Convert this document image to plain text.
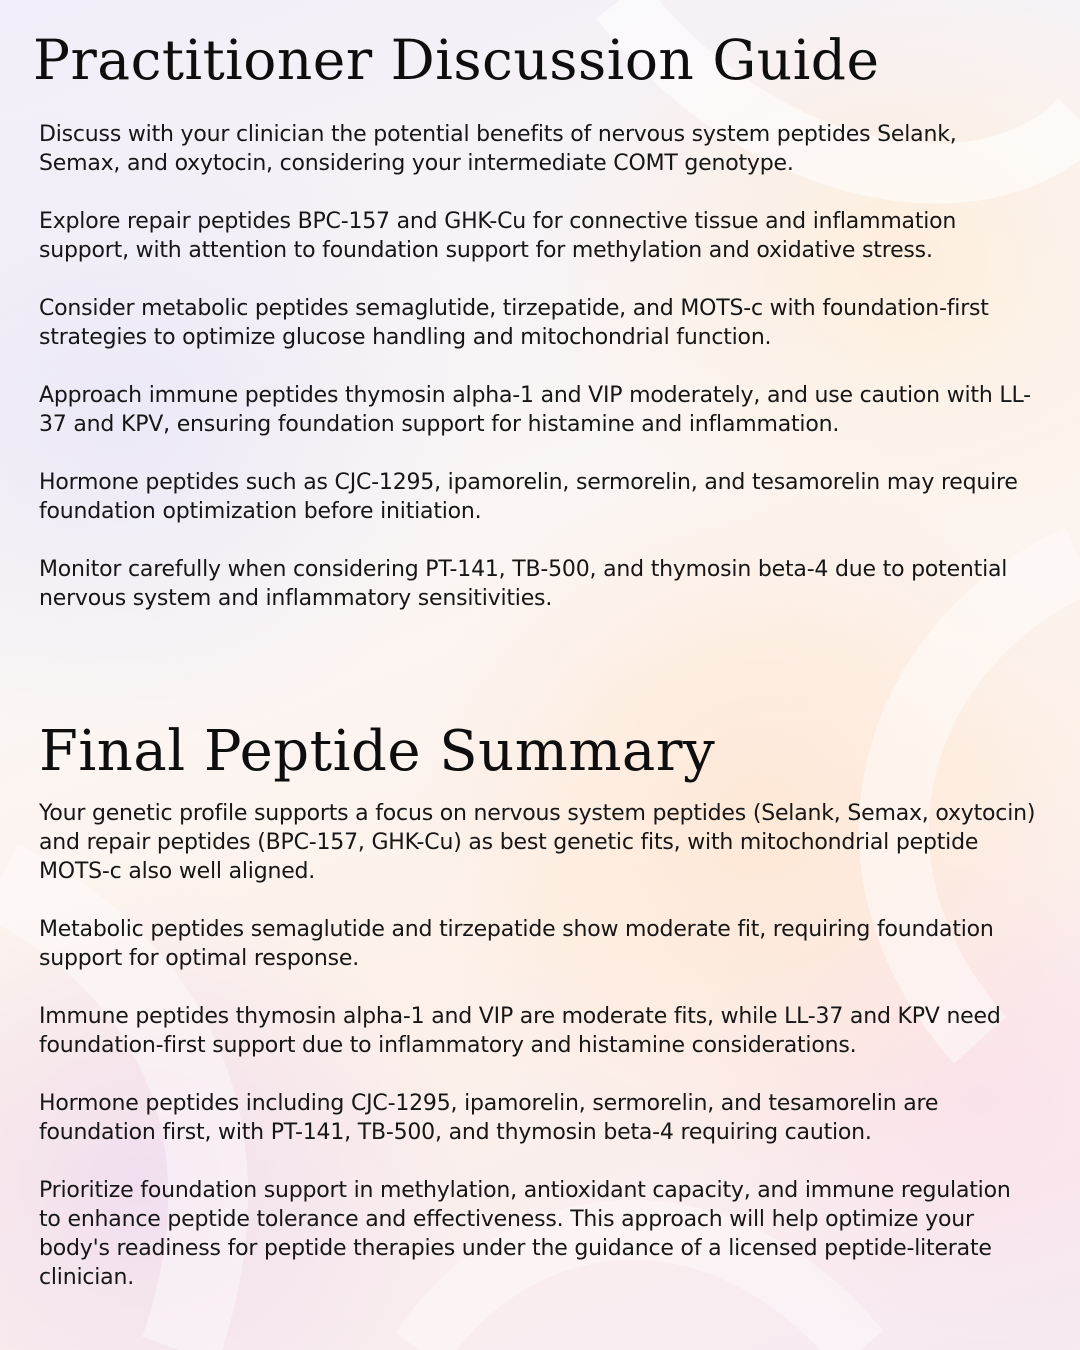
Practitioner Discussion Guide

Discuss with your clinician the potential benefits of nervous system peptides Selank, Semax, and oxytocin, considering your intermediate COMT genotype.

Explore repair peptides BPC-157 and GHK-Cu for connective tissue and inflammation support, with attention to foundation support for methylation and oxidative stress.

Consider metabolic peptides semaglutide, tirzepatide, and MOTS-c with foundation-first strategies to optimize glucose handling and mitochondrial function.

Approach immune peptides thymosin alpha-1 and VIP moderately, and use caution with LL-37 and KPV, ensuring foundation support for histamine and inflammation.

Hormone peptides such as CJC-1295, ipamorelin, sermorelin, and tesamorelin may require foundation optimization before initiation.

Monitor carefully when considering PT-141, TB-500, and thymosin beta-4 due to potential nervous system and inflammatory sensitivities.

Final Peptide Summary

Your genetic profile supports a focus on nervous system peptides (Selank, Semax, oxytocin) and repair peptides (BPC-157, GHK-Cu) as best genetic fits, with mitochondrial peptide MOTS-c also well aligned.

Metabolic peptides semaglutide and tirzepatide show moderate fit, requiring foundation support for optimal response.

Immune peptides thymosin alpha-1 and VIP are moderate fits, while LL-37 and KPV need foundation-first support due to inflammatory and histamine considerations.

Hormone peptides including CJC-1295, ipamorelin, sermorelin, and tesamorelin are foundation first, with PT-141, TB-500, and thymosin beta-4 requiring caution.

Prioritize foundation support in methylation, antioxidant capacity, and immune regulation to enhance peptide tolerance and effectiveness. This approach will help optimize your body's readiness for peptide therapies under the guidance of a licensed peptide-literate clinician.
